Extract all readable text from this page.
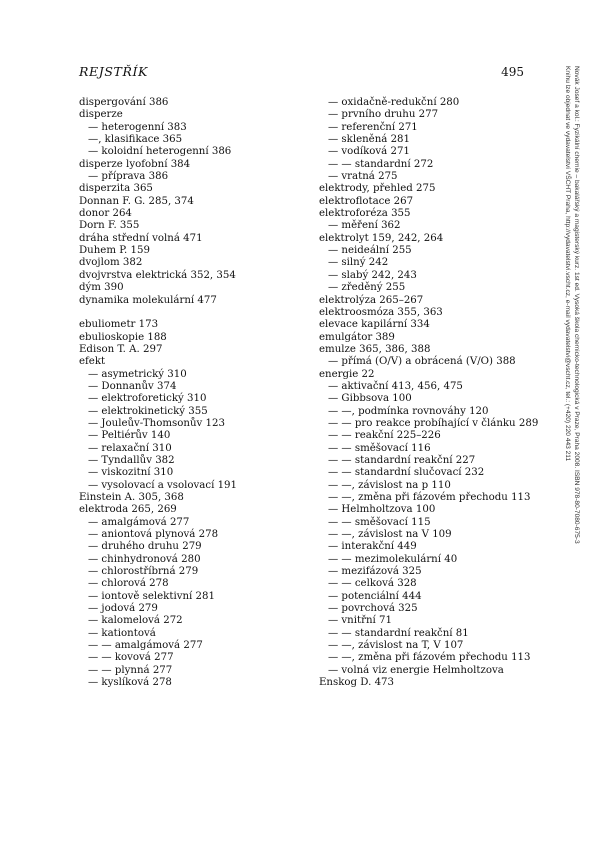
REJSTŘÍK	495
dispergování 386
disperze
— heterogenní 383
—, klasifikace 365
— koloidní heterogenní 386
disperze lyofobní 384
— příprava 386
disperzita 365
Donnan F. G. 285, 374
donor 264
Dorn F. 355
dráha střední volná 471
Duhem P. 159
dvojlom 382
dvojvrstva elektrická 352, 354
dým 390
dynamika molekulární 477
ebuliometr 173
ebulioskopie 188
Edison T. A. 297
efekt
— asymetrický 310
— Donnanův 374
— elektroforetický 310
— elektrokinetický 355
— Jouleův-Thomsonův 123
— Peltiérův 140
— relaxační 310
— Tyndallův 382
— viskozitní 310
— vysolovací a vsolovací 191
Einstein A. 305, 368
elektroda 265, 269
— amalgámová 277
— aniontová plynová 278
— druhého druhu 279
— chinhydronová 280
— chlorostříbrná 279
— chlorová 278
— iontově selektivní 281
— jodová 279
— kalomelová 272
— kationtová
— — amalgámová 277
— — kovová 277
— — plynná 277
— kyslíková 278
— oxidačně-redukční 280
— prvního druhu 277
— referenční 271
— skleněná 281
— vodíková 271
— — standardní 272
— vratná 275
elektrody, přehled 275
elektroflotace 267
elektroforéza 355
— měření 362
elektrolyt 159, 242, 264
— neideální 255
— silný 242
— slabý 242, 243
— zředěný 255
elektrolýza 265–267
elektroosmóza 355, 363
elevace kapilární 334
emulgátor 389
emulze 365, 386, 388
— přímá (O/V) a obrácená (V/O) 388
energie 22
— aktivační 413, 456, 475
— Gibbsova 100
— —, podmínka rovnováhy 120
— — pro reakce probíhající v článku 289
— — reakční 225–226
— — směšovací 116
— — standardní reakční 227
— — standardní slučovací 232
— —, závislost na p 110
— —, změna při fázovém přechodu 113
— Helmholtzova 100
— — směšovací 115
— —, závislost na V 109
— interakční 449
— — mezimolekulární 40
— mezifázová 325
— — celková 328
— potenciální 444
— povrchová 325
— vnitřní 71
— — standardní reakční 81
— —, závislost na T, V 107
— —, změna při fázovém přechodu 113
— volná viz energie Helmholtzova
Enskog D. 473

Novák Josef a kol.: Fyzikální chemie – bakalářský a magisterský kurz. 1st ed. Vysoká škola chemicko-technologická v Praze, Praha 2008. ISBN 978-80-7080-675-3

Knihu lze objednat ve vydavatelství VŠCHT Praha, http://vydavatelstvi.vscht.cz, e-mail vydavatelstvi@vscht.cz, tel.: (+420) 220 443 211
